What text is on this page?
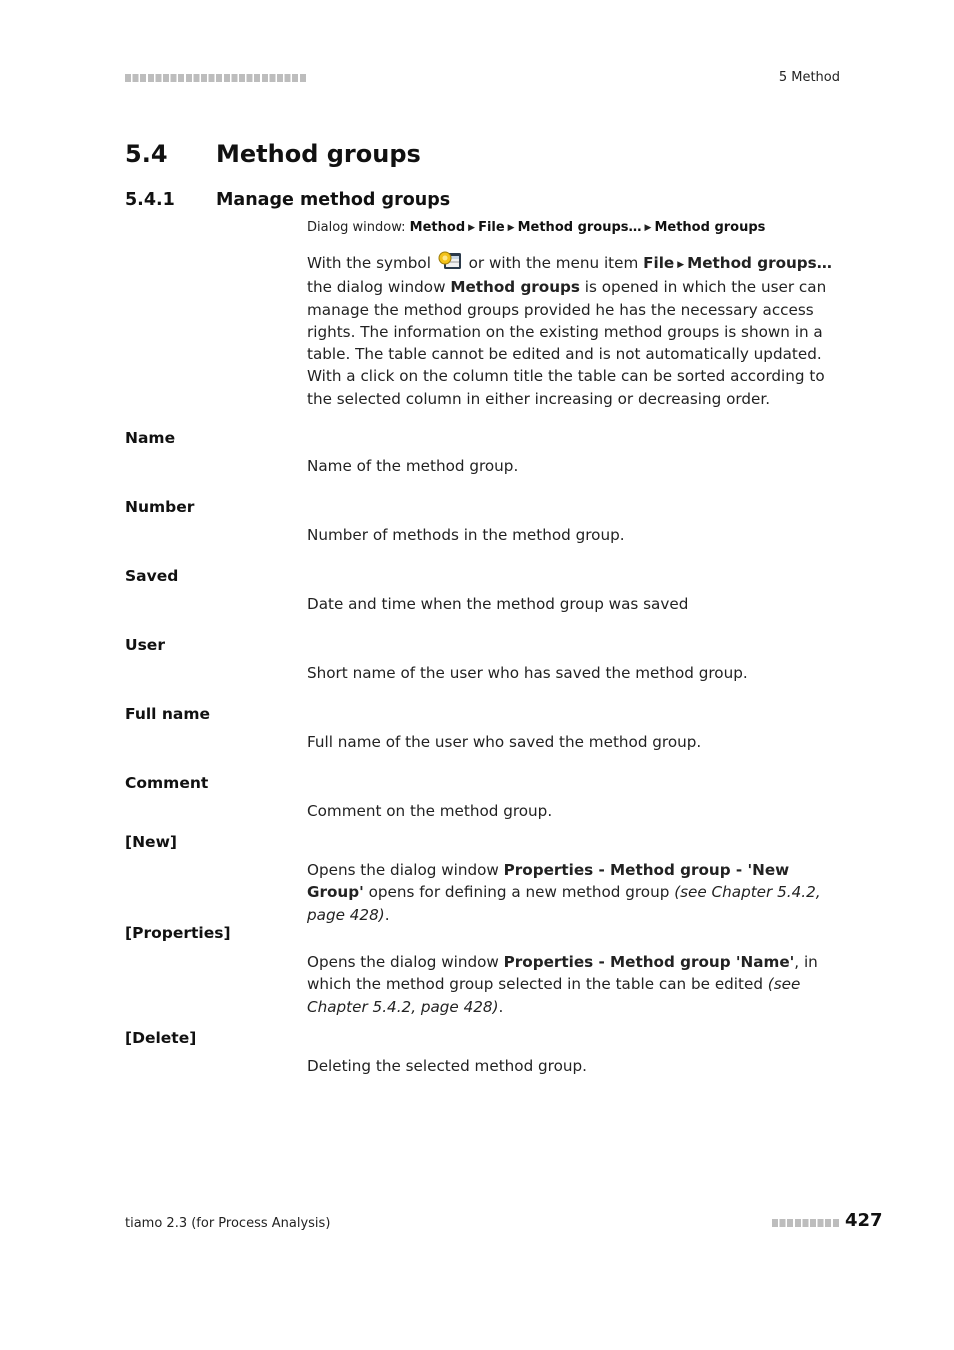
5 Method
5.4 Method groups
5.4.1 Manage method groups
Dialog window: Method ▶ File ▶ Method groups… ▶ Method groups
With the symbol or with the menu item File ▶ Method groups… the dialog window Method groups is opened in which the user can manage the method groups provided he has the necessary access rights. The information on the existing method groups is shown in a table. The table cannot be edited and is not automatically updated. With a click on the column title the table can be sorted according to the selected column in either increasing or decreasing order.
Name
Name of the method group.
Number
Number of methods in the method group.
Saved
Date and time when the method group was saved
User
Short name of the user who has saved the method group.
Full name
Full name of the user who saved the method group.
Comment
Comment on the method group.
[New]
Opens the dialog window Properties - Method group - 'New Group' opens for defining a new method group (see Chapter 5.4.2, page 428).
[Properties]
Opens the dialog window Properties - Method group 'Name', in which the method group selected in the table can be edited (see Chapter 5.4.2, page 428).
[Delete]
Deleting the selected method group.
tiamo 2.3 (for Process Analysis)	427
